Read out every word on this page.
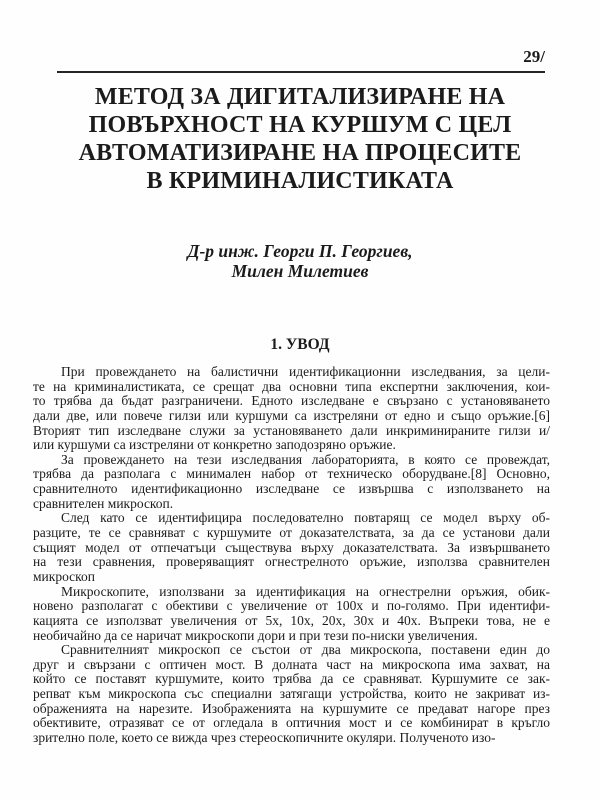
29/
МЕТОД ЗА ДИГИТАЛИЗИРАНЕ НА
ПОВЪРХНОСТ НА КУРШУМ С ЦЕЛ
АВТОМАТИЗИРАНЕ НА ПРОЦЕСИТЕ
В КРИМИНАЛИСТИКАТА
Д-р инж. Георги П. Георгиев,
Милен Милетиев
1. УВОД
При провеждането на балистични идентификационни изследвания, за цели-
те на криминалистиката, се срещат два основни типа експертни заключения, кои-
то трябва да бъдат разграничени. Едното изследване е свързано с установяването
дали две, или повече гилзи или куршуми са изстреляни от едно и също оръжие.[6]
Вторият тип изследване служи за установяването дали инкриминираните гилзи и/
или куршуми са изстреляни от конкретно заподозряно оръжие.
За провеждането на тези изследвания лабораторията, в която се провеждат,
трябва да разполага с минимален набор от техническо оборудване.[8] Основно,
сравнителното идентификационно изследване се извършва с използването на
сравнителен микроскоп.
След като се идентифицира последователно повтарящ се модел върху об-
разците, те се сравняват с куршумите от доказателствата, за да се установи дали
същият модел от отпечатъци съществува върху доказателствата. За извършването
на тези сравнения, проверяващият огнестрелното оръжие, използва сравнителен
микроскоп
Микроскопите, използвани за идентификация на огнестрелни оръжия, обик-
новено разполагат с обективи с увеличение от 100х и по-голямо. При идентифи-
кацията се използват увеличения от 5х, 10х, 20х, 30х и 40х. Въпреки това, не е
необичайно да се наричат микроскопи дори и при тези по-ниски увеличения.
Сравнителният микроскоп се състои от два микроскопа, поставени един до
друг и свързани с оптичен мост. В долната част на микроскопа има захват, на
който се поставят куршумите, които трябва да се сравняват. Куршумите се зак-
репват към микроскопа със специални затягащи устройства, които не закриват из-
ображенията на нарезите. Изображенията на куршумите се предават нагоре през
обективите, отразяват се от огледала в оптичния мост и се комбинират в кръгло
зрително поле, което се вижда чрез стереоскопичните окуляри. Полученото изо-
